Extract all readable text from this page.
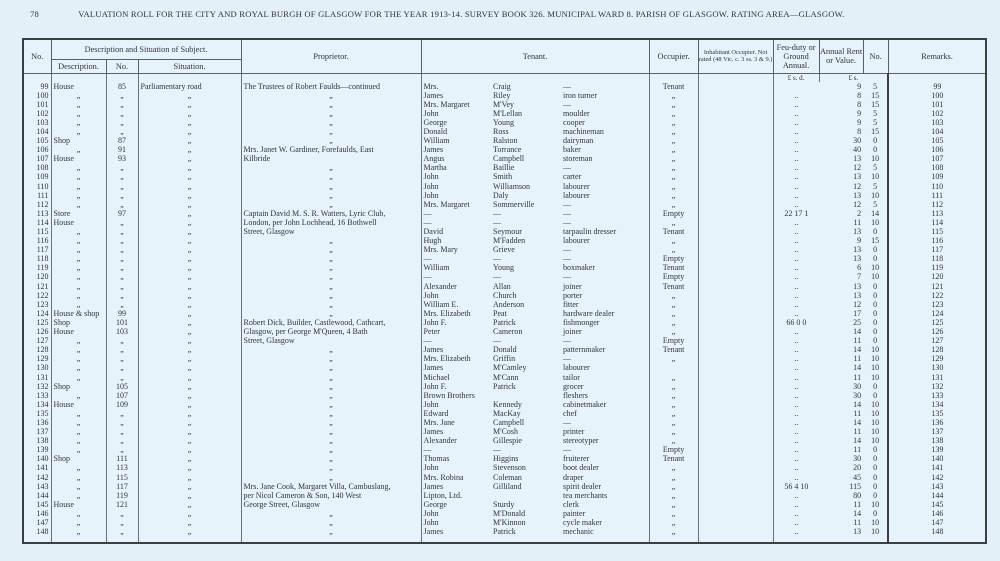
78	VALUATION ROLL FOR THE CITY AND ROYAL BURGH OF GLASGOW FOR THE YEAR 1913-14. SURVEY BOOK 326. MUNICIPAL WARD 8. PARISH OF GLASGOW. RATING AREA—GLASGOW.
No.	Description and Situation of Subject.			Proprietor.	Tenant.			Occupier.	Inhabitant Occupier. Not rated (48 Vic. c. 3 ss. 3 & 9.)	Feu-duty or Ground Annual.	Annual Rent or Value.	No.	Remarks.	
	Description.	No.	Situation.											
										£ s. d.	£ s.			
99	House	85	Parliamentary road	The Trustees of Robert Faulds—continued	Mrs.	Craig	—	Tenant			9	5	99	
100	„	„	„	„	James	Riley	iron turner	„		..	8	15	100	
101	„	„	„	„	Mrs. Margaret	M'Vey	—	„		..	8	15	101	
102	„	„	„	„	John	M'Lellan	moulder	„		..	9	5	102	
103	„	„	„	„	George	Young	cooper	„		..	9	5	103	
104	„	„	„	„	Donald	Ross	machineman	„		..	8	15	104	
105	Shop	87	„	„	William	Ralston	dairyman	„		..	30	0	105	
106	„	91	„	Mrs. Janet W. Gardiner, Forefaulds, East	James	Torrance	baker	„		..	40	0	106	
107	House	93	„	Kilbride	Angus	Campbell	storeman	„		..	13	10	107	
108	„	„	„	„	Martha	Baillie	—	„		..	12	5	108	
109	„	„	„	„	John	Smith	carter	„		..	13	10	109	
110	„	„	„	„	John	Williamson	labourer	„		..	12	5	110	
111	„	„	„	„	John	Daly	labourer	„		..	13	10	111	
112	„	„	„	„	Mrs. Margaret	Sommerville	—	„		..	12	5	112	
113	Store	97	„	Captain David M. S. R. Watters, Lyric Club,	—	—	—	Empty		22 17 1	2	14	113	
114	House	„	„	London, per John Lochhead, 16 Bothwell	—	—	—	„		..	11	10	114	
115	„	„	„	Street, Glasgow	David	Seymour	tarpaulin dresser	Tenant		..	13	0	115	
116	„	„	„	„	Hugh	M'Fadden	labourer	„		..	9	15	116	
117	„	„	„	„	Mrs. Mary	Grieve	—	„		..	13	0	117	
118	„	„	„	„	—	—	—	Empty		..	13	0	118	
119	„	„	„	„	William	Young	boxmaker	Tenant		..	6	10	119	
120	„	„	„	„	—	—	—	Empty		..	7	10	120	
121	„	„	„	„	Alexander	Allan	joiner	Tenant		..	13	0	121	
122	„	„	„	„	John	Church	porter	„		..	13	0	122	
123	„	„	„	„	William E.	Anderson	fitter	„		..	12	0	123	
124	House & shop	99	„	„	Mrs. Elizabeth	Peat	hardware dealer	„		..	17	0	124	
125	Shop	101	„	Robert Dick, Builder, Castlewood, Cathcart,	John F.	Patrick	fishmonger	„		66 0 0	25	0	125	
126	House	103	„	Glasgow, per George M'Queen, 4 Bath	Peter	Cameron	joiner	„		..	14	0	126	
127	„	„	„	Street, Glasgow	—	—	—	Empty		..	11	0	127	
128	„	„	„	„	James	Donald	patternmaker	Tenant		..	14	10	128	
129	„	„	„	„	Mrs. Elizabeth	Griffin	—	„		..	11	10	129	
130	„	„	„	„	James	M'Camley	labourer			..	14	10	130	
131	„	„	„	„	Michael	M'Cann	tailor	„		..	11	10	131	
132	Shop	105	„	„	John F.	Patrick	grocer	„		..	30	0	132	
133	„	107	„	„	Brown Brothers		fleshers	„		..	30	0	133	
134	House	109	„	„	John	Kennedy	cabinetmaker	„		..	14	10	134	
135	„	„	„	„	Edward	MacKay	chef	„		..	11	10	135	
136	„	„	„	„	Mrs. Jane	Campbell	—	„		..	14	10	136	
137	„	„	„	„	James	M'Cosh	printer	„		..	11	10	137	
138	„	„	„	„	Alexander	Gillespie	stereotyper	„		..	14	10	138	
139	„	„	„	„	—	—	—	Empty		..	11	0	139	
140	Shop	111	„	„	Thomas	Higgins	fruiterer	Tenant		..	30	0	140	
141	„	113	„	„	John	Stevenson	boot dealer	„		..	20	0	141	
142	„	115	„	„	Mrs. Robina	Coleman	draper	„		..	45	0	142	
143	„	117	„	Mrs. Jane Cook, Margaret Villa, Cambuslang,	James	Gilliland	spirit dealer	„		56 4 10	115	0	143	
144	„	119	„	per Nicol Cameron & Son, 140 West	Lipton, Ltd.		tea merchants	„		..	80	0	144	
145	House	121	„	George Street, Glasgow	George	Sturdy	clerk	„		..	11	10	145	
146	„	„	„	„	John	M'Donald	painter	„		..	14	0	146	
147	„	„	„	„	John	M'Kinnon	cycle maker	„		..	11	10	147	
148	„	„	„	„	James	Patrick	mechanic	„		..	13	10	148	
